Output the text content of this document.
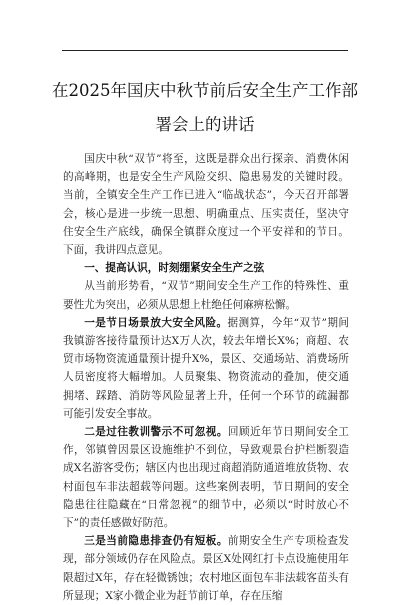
在2025年国庆中秋节前后安全生产工作部
署会上的讲话

国庆中秋“双节”将至，这既是群众出行探亲、消费休闲的高峰期，也是安全生产风险交织、隐患易发的关键时段。当前，全镇安全生产工作已进入“临战状态”，今天召开部署会，核心是进一步统一思想、明确重点、压实责任，坚决守住安全生产底线，确保全镇群众度过一个平安祥和的节日。下面，我讲四点意见。

一、提高认识，时刻绷紧安全生产之弦

从当前形势看，“双节”期间安全生产工作的特殊性、重要性尤为突出，必须从思想上杜绝任何麻痹松懈。

一是节日场景放大安全风险。据测算，今年“双节”期间我镇游客接待量预计达X万人次，较去年增长X%；商超、农贸市场物资流通量预计提升X%，景区、交通场站、消费场所人员密度将大幅增加。人员聚集、物资流动的叠加，使交通拥堵、踩踏、消防等风险显著上升，任何一个环节的疏漏都可能引发安全事故。

二是过往教训警示不可忽视。回顾近年节日期间安全工作，邻镇曾因景区设施维护不到位，导致观景台护栏断裂造成X名游客受伤；辖区内也出现过商超消防通道堆放货物、农村面包车非法超载等问题。这些案例表明，节日期间的安全隐患往往隐藏在“日常忽视”的细节中，必须以“时时放心不下”的责任感做好防范。

三是当前隐患排查仍有短板。前期安全生产专项检查发现，部分领域仍存在风险点。景区X处网红打卡点设施使用年限超过X年，存在轻微锈蚀；农村地区面包车非法载客苗头有所显现；X家小微企业为赶节前订单，存在压缩
